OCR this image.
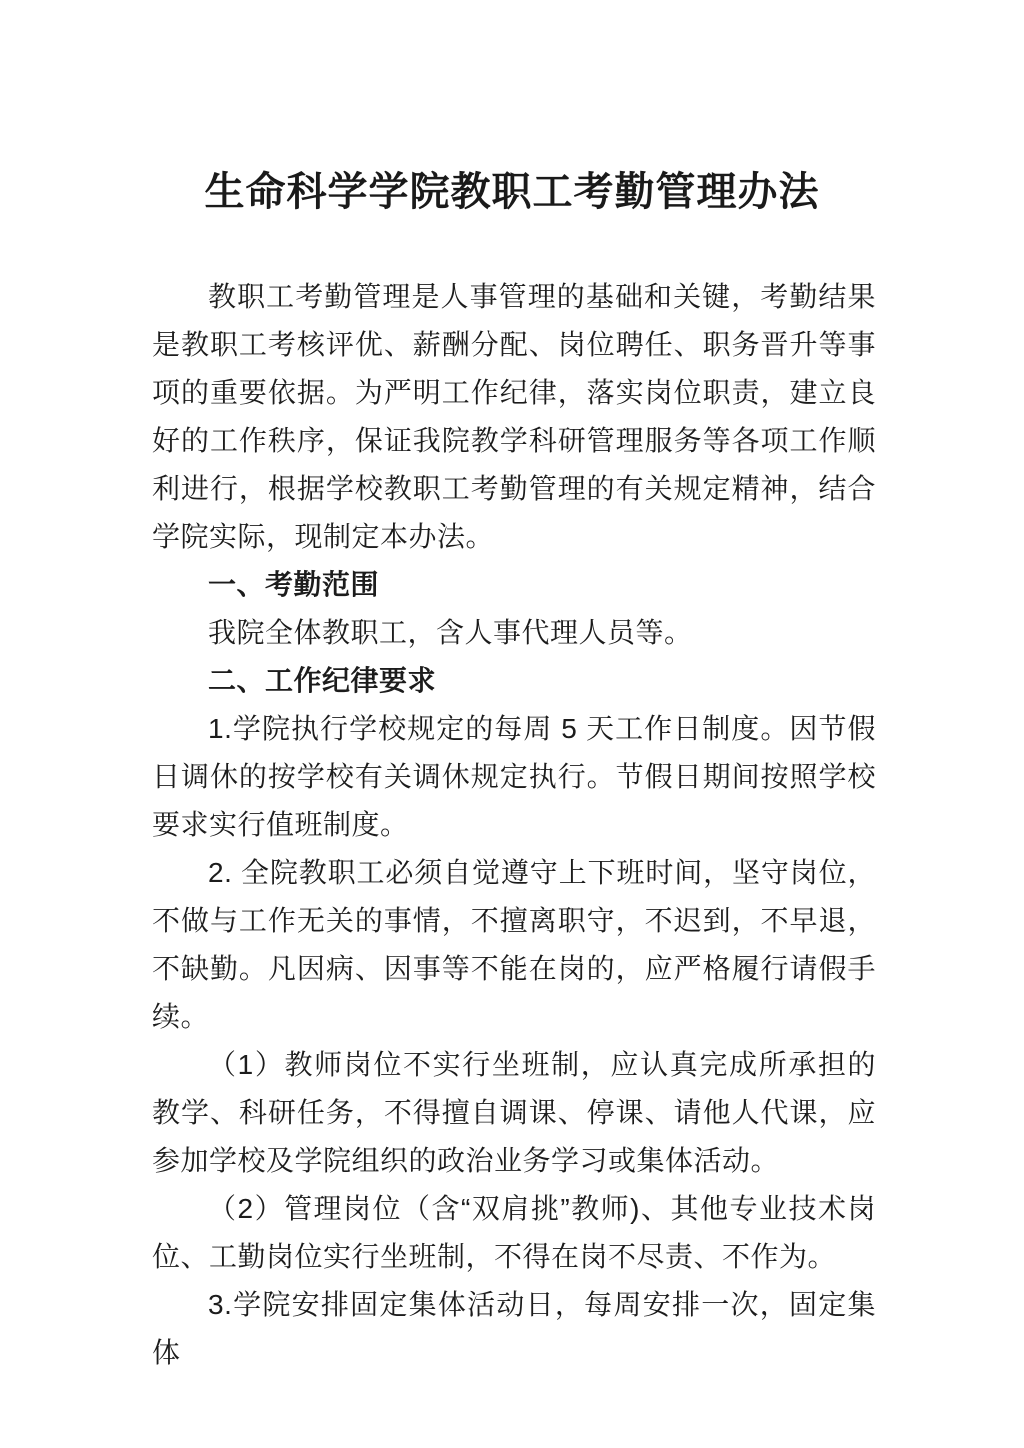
生命科学学院教职工考勤管理办法

教职工考勤管理是人事管理的基础和关键，考勤结果是教职工考核评优、薪酬分配、岗位聘任、职务晋升等事项的重要依据。为严明工作纪律，落实岗位职责，建立良好的工作秩序，保证我院教学科研管理服务等各项工作顺利进行，根据学校教职工考勤管理的有关规定精神，结合学院实际，现制定本办法。

一、考勤范围

我院全体教职工，含人事代理人员等。

二、工作纪律要求

1.学院执行学校规定的每周 5 天工作日制度。因节假日调休的按学校有关调休规定执行。节假日期间按照学校要求实行值班制度。

2. 全院教职工必须自觉遵守上下班时间，坚守岗位，不做与工作无关的事情，不擅离职守，不迟到，不早退，不缺勤。凡因病、因事等不能在岗的，应严格履行请假手续。

（1）教师岗位不实行坐班制，应认真完成所承担的教学、科研任务，不得擅自调课、停课、请他人代课，应参加学校及学院组织的政治业务学习或集体活动。

（2）管理岗位（含“双肩挑”教师)、其他专业技术岗位、工勤岗位实行坐班制，不得在岗不尽责、不作为。

3.学院安排固定集体活动日，每周安排一次，固定集体
